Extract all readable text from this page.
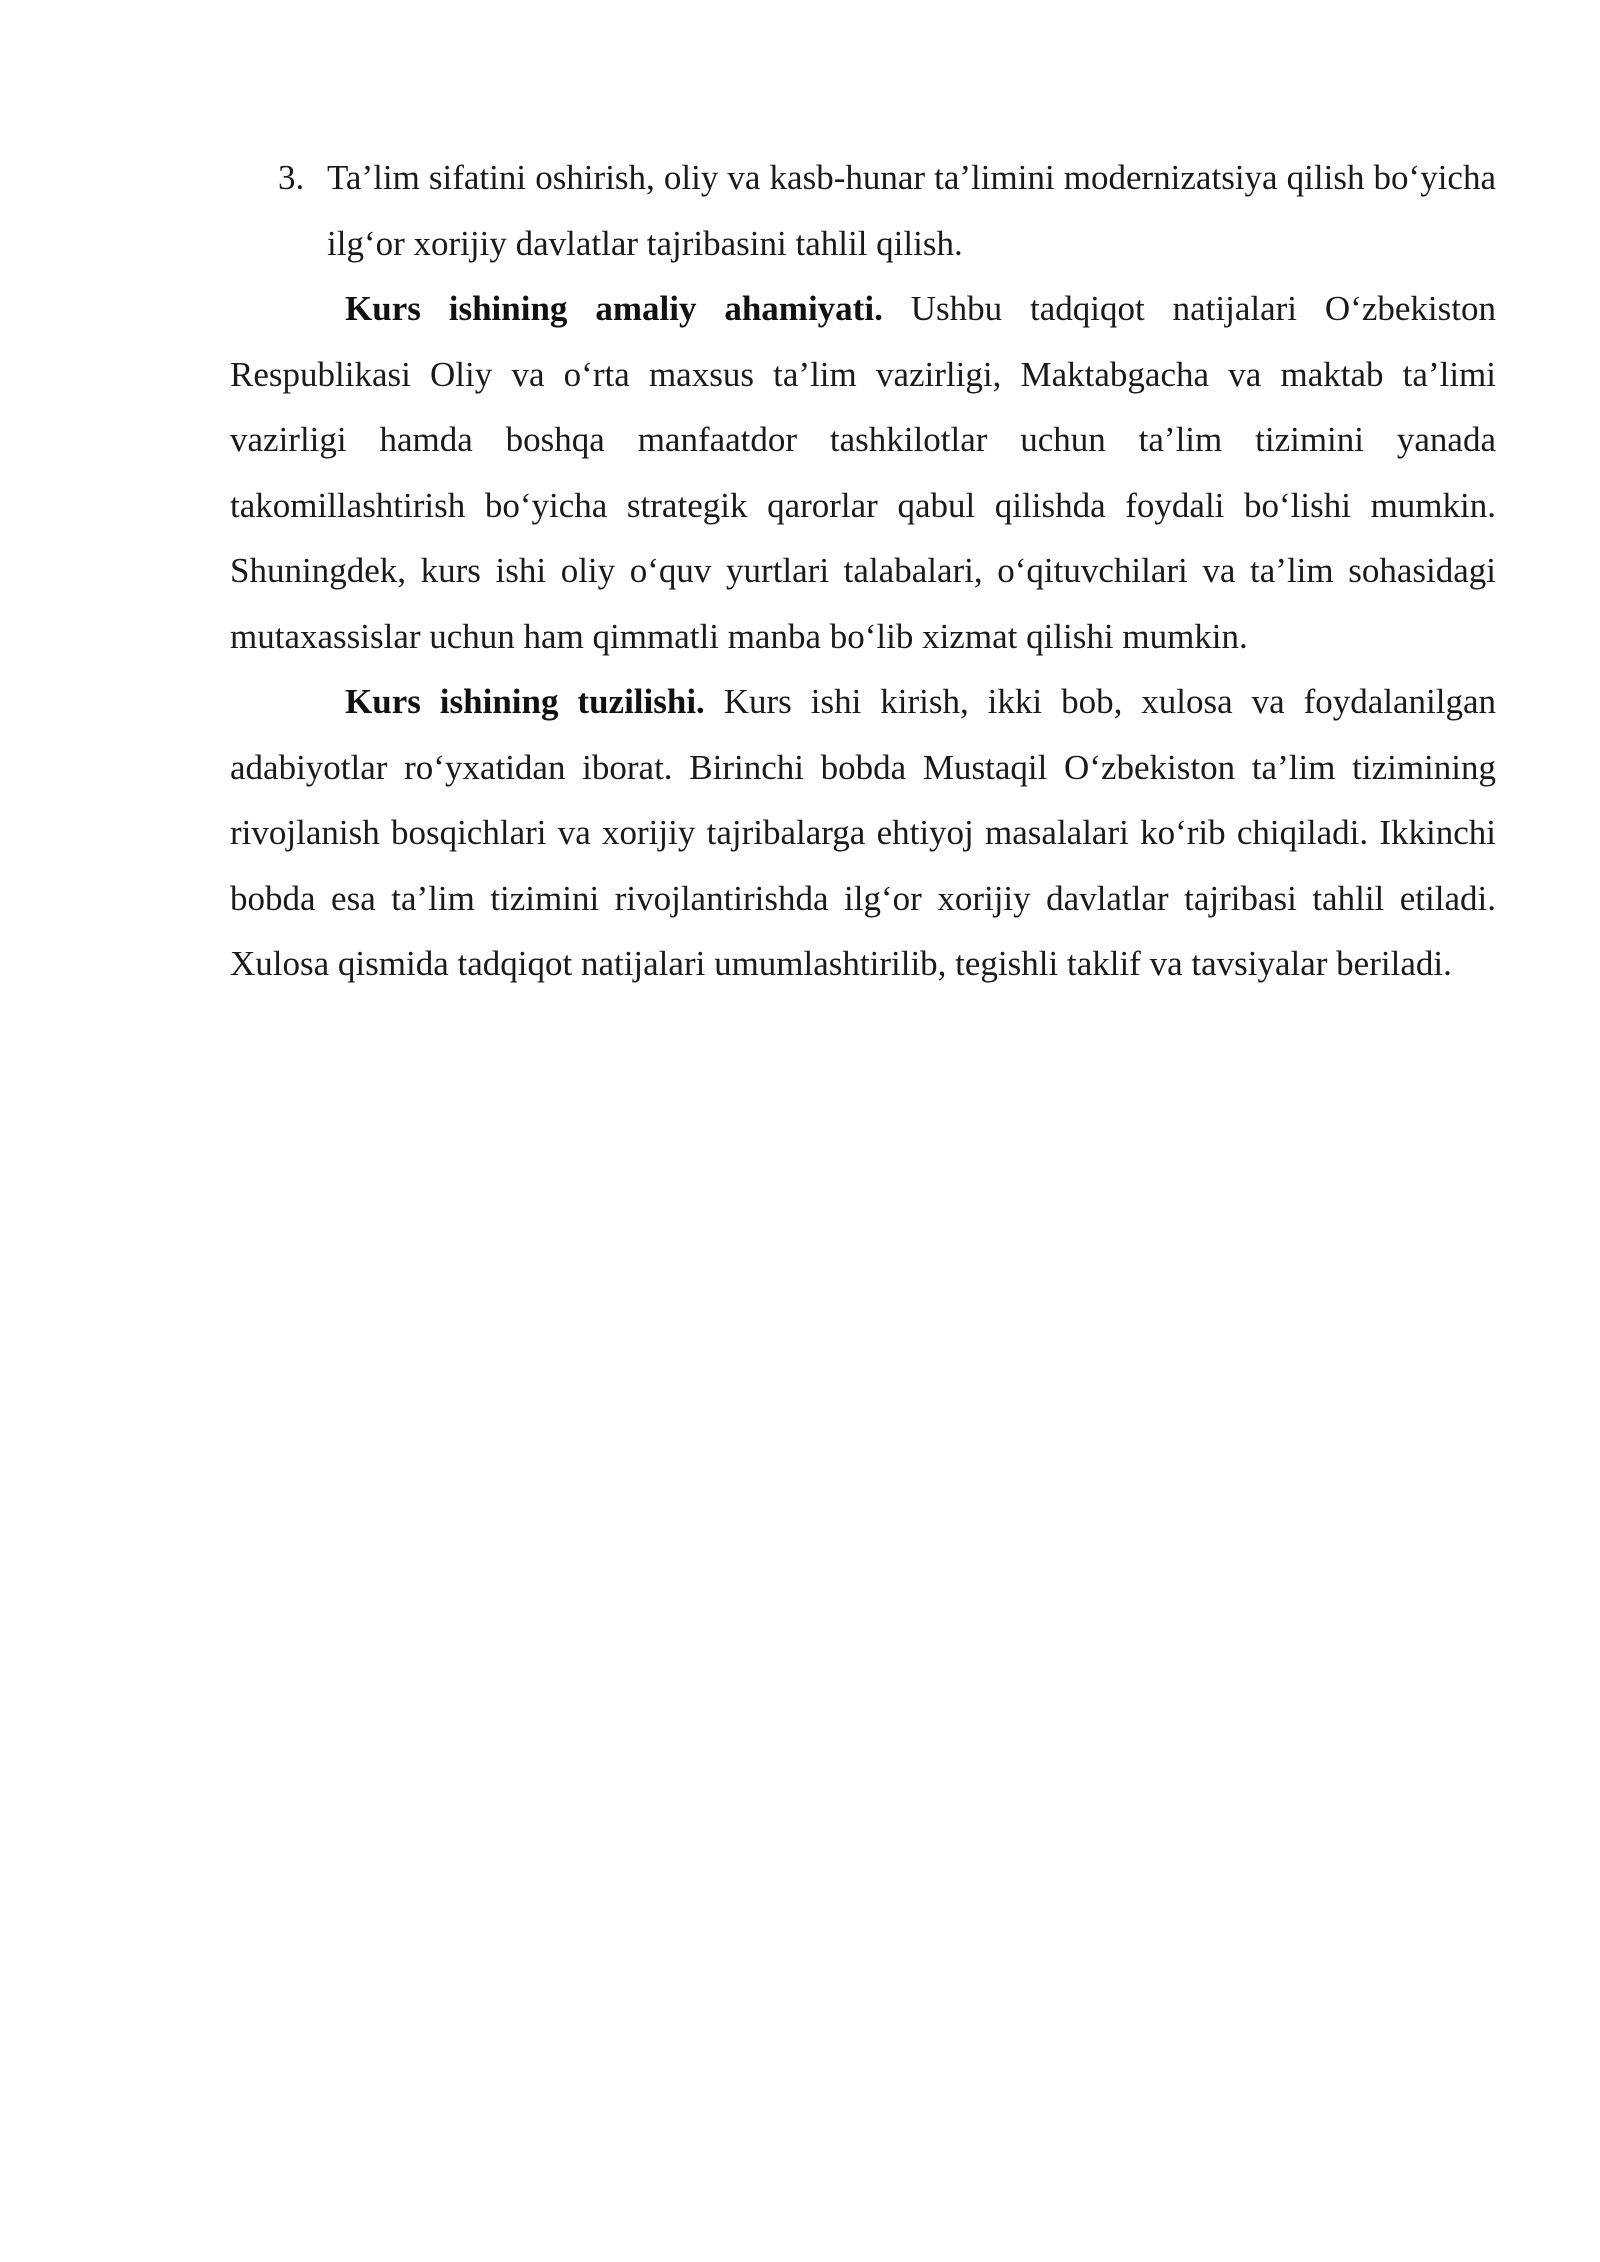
3. Ta’lim sifatini oshirish, oliy va kasb-hunar ta’limini modernizatsiya qilish bo‘yicha ilg‘or xorijiy davlatlar tajribasini tahlil qilish.

Kurs ishining amaliy ahamiyati. Ushbu tadqiqot natijalari O‘zbekiston Respublikasi Oliy va o‘rta maxsus ta’lim vazirligi, Maktabgacha va maktab ta’limi vazirligi hamda boshqa manfaatdor tashkilotlar uchun ta’lim tizimini yanada takomillashtirish bo‘yicha strategik qarorlar qabul qilishda foydali bo‘lishi mumkin. Shuningdek, kurs ishi oliy o‘quv yurtlari talabalari, o‘qituvchilari va ta’lim sohasidagi mutaxassislar uchun ham qimmatli manba bo‘lib xizmat qilishi mumkin.

Kurs ishining tuzilishi. Kurs ishi kirish, ikki bob, xulosa va foydalanilgan adabiyotlar ro‘yxatidan iborat. Birinchi bobda Mustaqil O‘zbekiston ta’lim tizimining rivojlanish bosqichlari va xorijiy tajribalarga ehtiyoj masalalari ko‘rib chiqiladi. Ikkinchi bobda esa ta’lim tizimini rivojlantirishda ilg‘or xorijiy davlatlar tajribasi tahlil etiladi. Xulosa qismida tadqiqot natijalari umumlashtirilib, tegishli taklif va tavsiyalar beriladi.
